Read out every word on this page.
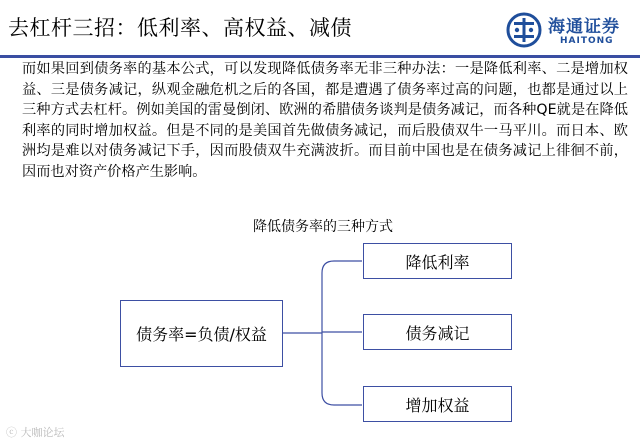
去杠杆三招：低利率、高权益、减债	海通证券
HAITONG
而如果回到债务率的基本公式，可以发现降低债务率无非三种办法：一是降低利率、二是增加权益、三是债务减记，纵观金融危机之后的各国，都是遭遇了债务率过高的问题，也都是通过以上三种方式去杠杆。例如美国的雷曼倒闭、欧洲的希腊债务谈判是债务减记，而各种QE就是在降低利率的同时增加权益。但是不同的是美国首先做债务减记，而后股债双牛一马平川。而日本、欧洲均是难以对债务减记下手，因而股债双牛充满波折。而目前中国也是在债务减记上徘徊不前，因而也对资产价格产生影响。
降低债务率的三种方式
债务率=负债/权益
降低利率
债务减记
增加权益
ⓒ 大咖论坛
